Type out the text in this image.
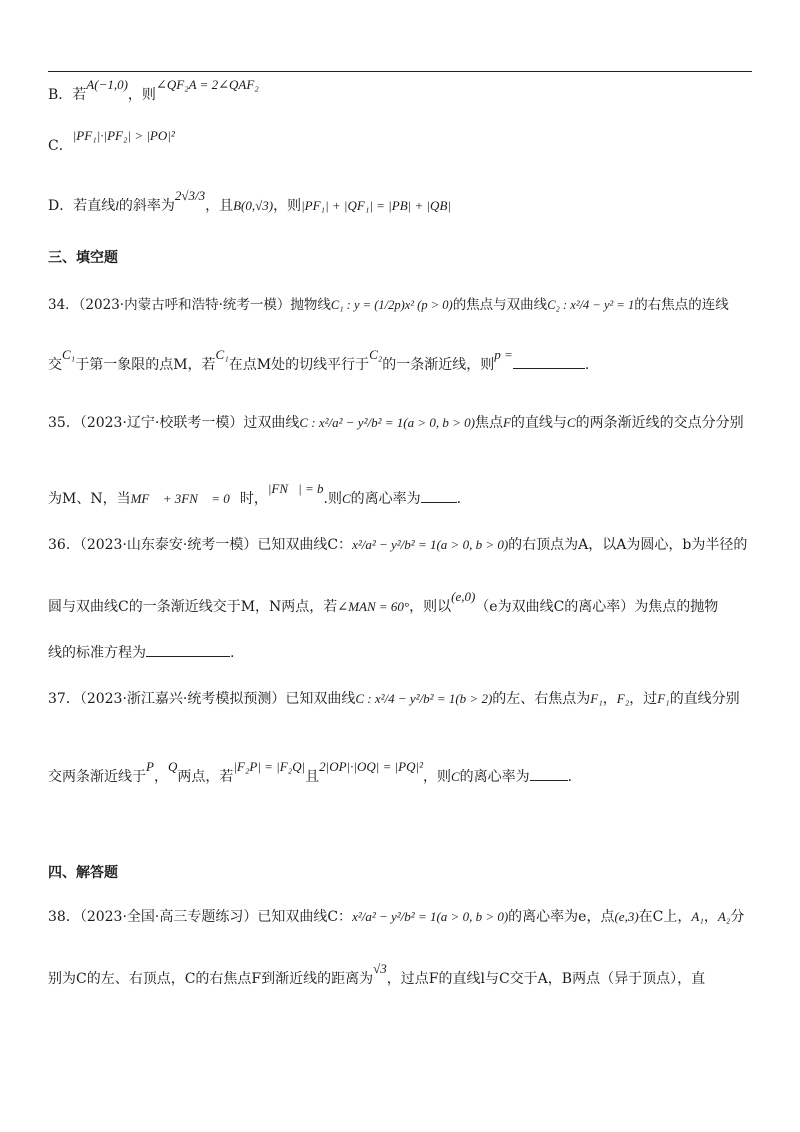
B．若A(−1,0)，则∠QF₂A = 2∠QAF₂
C．|PF₁|·|PF₂| > |PO|²
D．若直线l的斜率为2√3/3，且B(0,√3)，则|PF₁| + |QF₁| = |PB| + |QB|
三、填空题
34．（2023·内蒙古呼和浩特·统考一模）抛物线C₁ : y = (1/2p)x² (p > 0)的焦点与双曲线C₂ : x²/4 − y² = 1的右焦点的连线
交C₁于第一象限的点M，若C₁在点M处的切线平行于C₂的一条渐近线，则p =.
35．（2023·辽宁·校联考一模）过双曲线C : x²/a² − y²/b² = 1(a > 0, b > 0)焦点F的直线与C的两条渐近线的交点分分别
为M、N，当MF⃗ + 3FN⃗ = 0⃗时，|FN⃗| = b.则C的离心率为	.
36．（2023·山东泰安·统考一模）已知双曲线C：x²/a² − y²/b² = 1(a > 0, b > 0)的右顶点为A，以A为圆心，b为半径的
圆与双曲线C的一条渐近线交于M，N两点，若∠MAN = 60°，则以(e,0)（e为双曲线C的离心率）为焦点的抛物
线的标准方程为	.
37．（2023·浙江嘉兴·统考模拟预测）已知双曲线C : x²/4 − y²/b² = 1(b > 2)的左、右焦点为F₁，F₂，过F₁的直线分别
交两条渐近线于P，Q两点，若|F₂P| = |F₂Q|且2|OP|·|OQ| = |PQ|²，则C的离心率为	.
四、解答题
38．（2023·全国·高三专题练习）已知双曲线C：x²/a² − y²/b² = 1(a > 0, b > 0)的离心率为e，点(e,3)在C上，A₁，A₂分
别为C的左、右顶点，C的右焦点F到渐近线的距离为√3，过点F的直线l与C交于A，B两点（异于顶点），直
